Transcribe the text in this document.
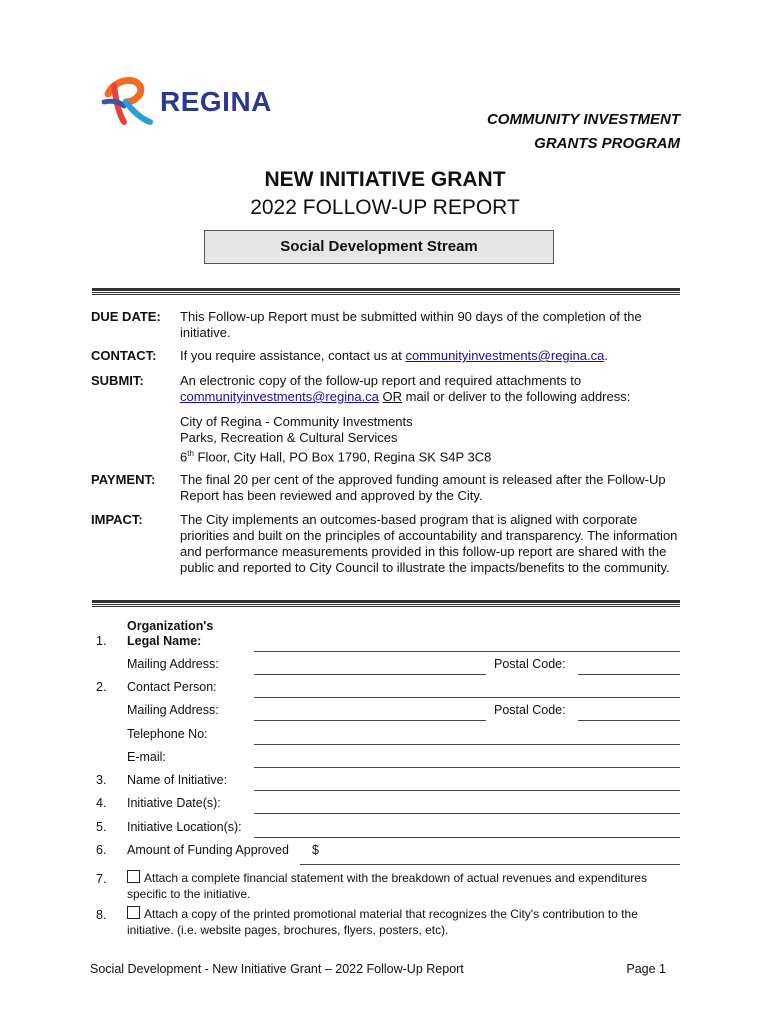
REGINA
COMMUNITY INVESTMENT
GRANTS PROGRAM
NEW INITIATIVE GRANT
2022 FOLLOW-UP REPORT
Social Development Stream
DUE DATE: This Follow-up Report must be submitted within 90 days of the completion of the initiative.
CONTACT: If you require assistance, contact us at communityinvestments@regina.ca.
SUBMIT:	An electronic copy of the follow-up report and required attachments to
communityinvestments@regina.ca OR mail or deliver to the following address:
City of Regina - Community Investments
Parks, Recreation & Cultural Services
6th Floor, City Hall, PO Box 1790, Regina SK S4P 3C8
PAYMENT: The final 20 per cent of the approved funding amount is released after the Follow-Up Report has been reviewed and approved by the City.
IMPACT:	The City implements an outcomes-based program that is aligned with corporate priorities and built on the principles of accountability and transparency. The information and performance measurements provided in this follow-up report are shared with the public and reported to City Council to illustrate the impacts/benefits to the community.
1.
Organization's
Legal Name:
Mailing Address:	Postal Code:
2. Contact Person:
Mailing Address:	Postal Code:
Telephone No:
E-mail:
3. Name of Initiative:
4. Initiative Date(s):
5. Initiative Location(s):
6. Amount of Funding Approved $
7.	Attach a complete financial statement with the breakdown of actual revenues and expenditures specific to the initiative.
8.	Attach a copy of the printed promotional material that recognizes the City's contribution to the initiative. (i.e. website pages, brochures, flyers, posters, etc).
Social Development - New Initiative Grant – 2022 Follow-Up Report	Page 1
